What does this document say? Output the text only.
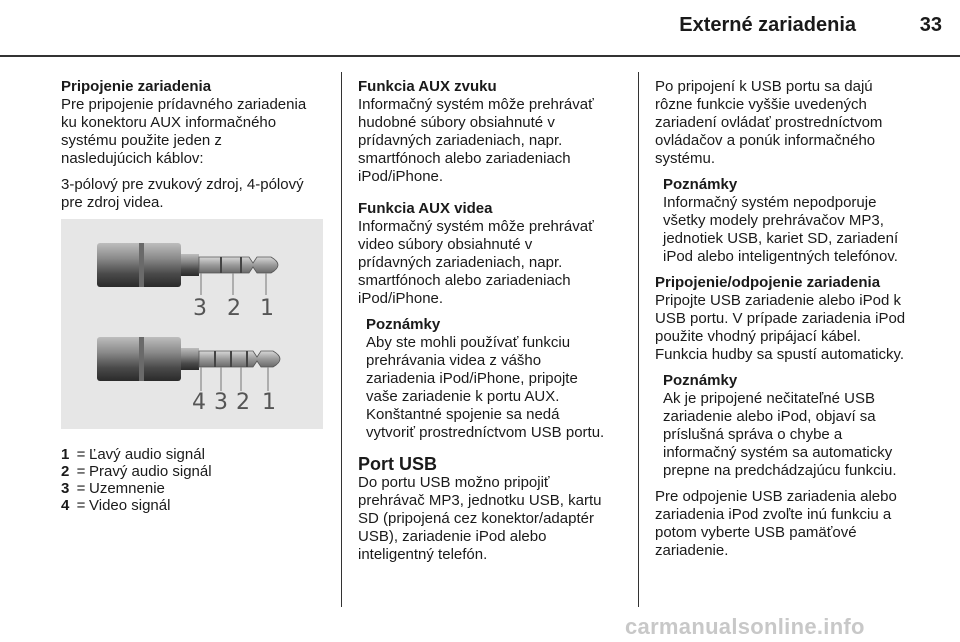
Externé zariadenia	33

Pripojenie zariadenia

Pre pripojenie prídavného zariadenia
ku konektoru AUX informačného
systému použite jeden z
nasledujúcich káblov:

3-pólový pre zvukový zdroj, 4-pólový
pre zdroj videa.

3 2 1
4 3 2 1
1 = Ľavý audio signál
2 = Pravý audio signál
3 = Uzemnenie
4 = Video signál

Funkcia AUX zvuku

Informačný systém môže prehrávať
hudobné súbory obsiahnuté v
prídavných zariadeniach, napr.
smartfónoch alebo zariadeniach
iPod/iPhone.

Funkcia AUX videa

Informačný systém môže prehrávať
video súbory obsiahnuté v
prídavných zariadeniach, napr.
smartfónoch alebo zariadeniach
iPod/iPhone.

Poznámky
Aby ste mohli používať funkciu
prehrávania videa z vášho
zariadenia iPod/iPhone, pripojte
vaše zariadenie k portu AUX.
Konštantné spojenie sa nedá
vytvoriť prostredníctvom USB portu.

Port USB

Do portu USB možno pripojiť
prehrávač MP3, jednotku USB, kartu
SD (pripojená cez konektor/adaptér
USB), zariadenie iPod alebo
inteligentný telefón.

Po pripojení k USB portu sa dajú
rôzne funkcie vyššie uvedených
zariadení ovládať prostredníctvom
ovládačov a ponúk informačného
systému.

Poznámky
Informačný systém nepodporuje
všetky modely prehrávačov MP3,
jednotiek USB, kariet SD, zariadení
iPod alebo inteligentných telefónov.

Pripojenie/odpojenie zariadenia

Pripojte USB zariadenie alebo iPod k
USB portu. V prípade zariadenia iPod
použite vhodný pripájací kábel.
Funkcia hudby sa spustí automaticky.

Poznámky
Ak je pripojené nečitateľné USB
zariadenie alebo iPod, objaví sa
príslušná správa o chybe a
informačný systém sa automaticky
prepne na predchádzajúcu funkciu.

Pre odpojenie USB zariadenia alebo
zariadenia iPod zvoľte inú funkciu a
potom vyberte USB pamäťové
zariadenie.

carmanualsonline.info
